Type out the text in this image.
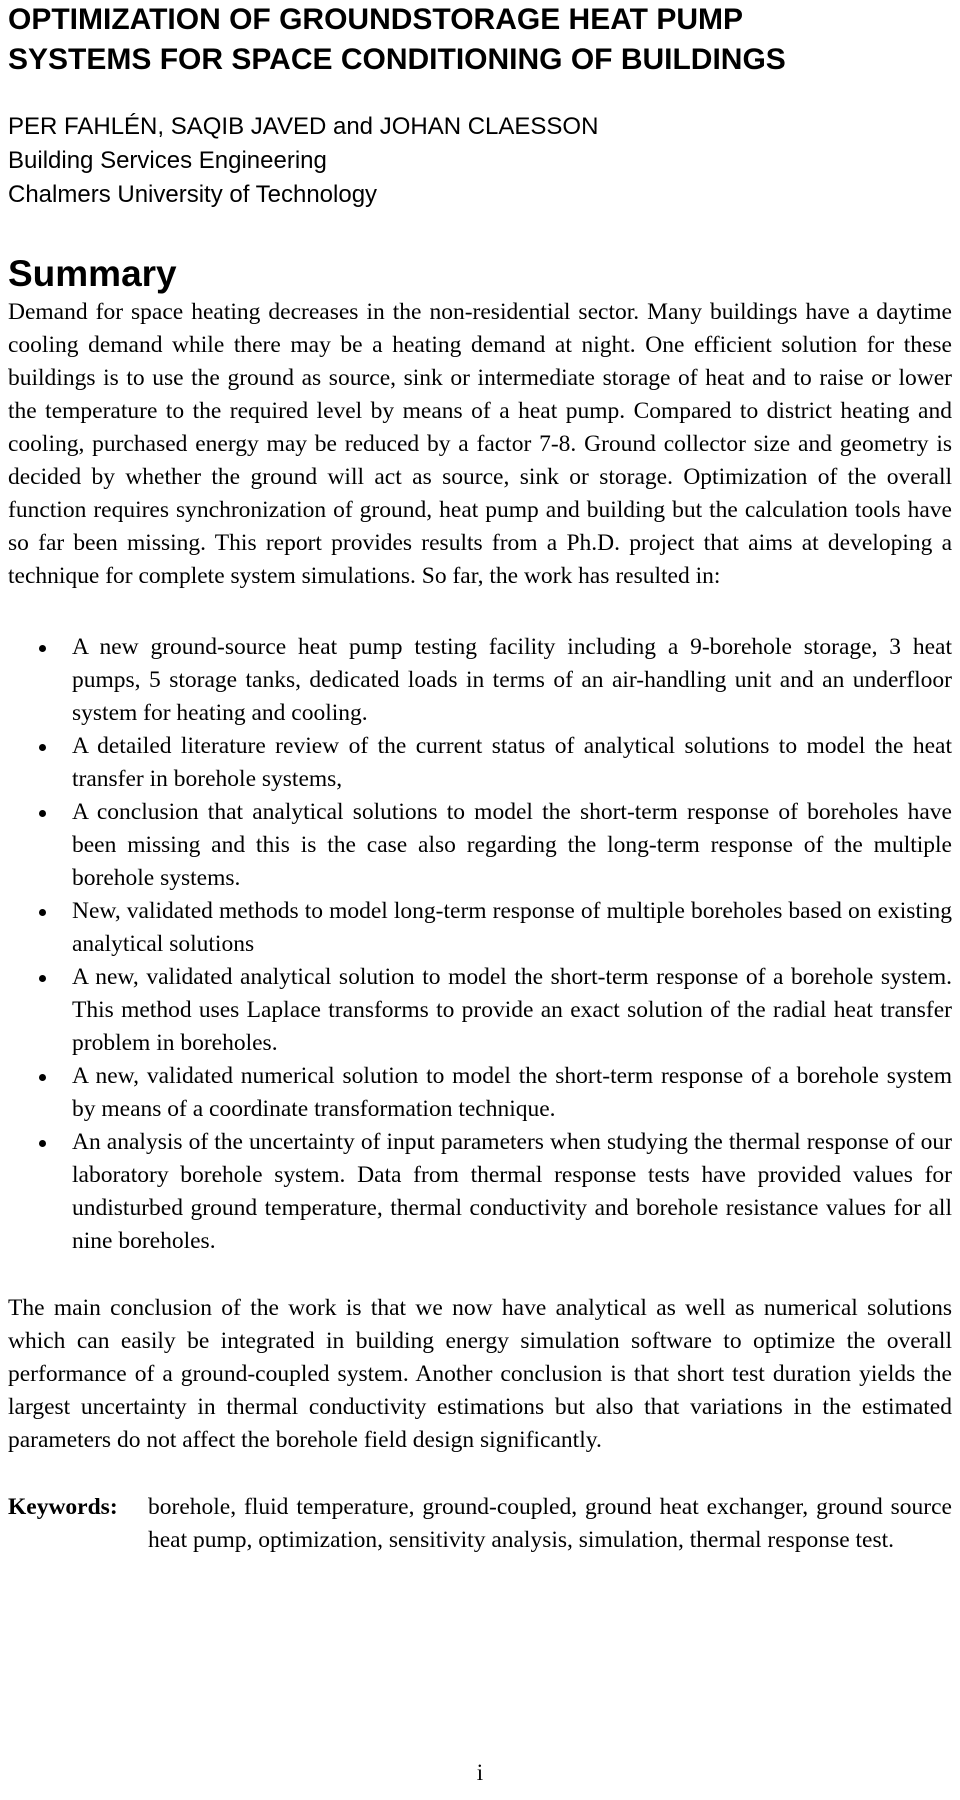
OPTIMIZATION OF GROUNDSTORAGE HEAT PUMP
SYSTEMS FOR SPACE CONDITIONING OF BUILDINGS

PER FAHLÉN, SAQIB JAVED and JOHAN CLAESSON

Building Services Engineering

Chalmers University of Technology

Summary

Demand for space heating decreases in the non-residential sector. Many buildings have a daytime cooling demand while there may be a heating demand at night. One efficient solution for these buildings is to use the ground as source, sink or intermediate storage of heat and to raise or lower the temperature to the required level by means of a heat pump. Compared to district heating and cooling, purchased energy may be reduced by a factor 7-8. Ground collector size and geometry is decided by whether the ground will act as source, sink or storage. Optimization of the overall function requires synchronization of ground, heat pump and building but the calculation tools have so far been missing. This report provides results from a Ph.D. project that aims at developing a technique for complete system simulations. So far, the work has resulted in:

A new ground-source heat pump testing facility including a 9-borehole storage, 3 heat pumps, 5 storage tanks, dedicated loads in terms of an air-handling unit and an underfloor system for heating and cooling.
A detailed literature review of the current status of analytical solutions to model the heat transfer in borehole systems,
A conclusion that analytical solutions to model the short-term response of boreholes have been missing and this is the case also regarding the long-term response of the multiple borehole systems.
New, validated methods to model long-term response of multiple boreholes based on existing analytical solutions
A new, validated analytical solution to model the short-term response of a borehole system. This method uses Laplace transforms to provide an exact solution of the radial heat transfer problem in boreholes.
A new, validated numerical solution to model the short-term response of a borehole system by means of a coordinate transformation technique.
An analysis of the uncertainty of input parameters when studying the thermal response of our laboratory borehole system. Data from thermal response tests have provided values for undisturbed ground temperature, thermal conductivity and borehole resistance values for all nine boreholes.

The main conclusion of the work is that we now have analytical as well as numerical solutions which can easily be integrated in building energy simulation software to optimize the overall performance of a ground-coupled system. Another conclusion is that short test duration yields the largest uncertainty in thermal conductivity estimations but also that variations in the estimated parameters do not affect the borehole field design significantly.

Keywords:	borehole, fluid temperature, ground-coupled, ground heat exchanger, ground source heat pump, optimization, sensitivity analysis, simulation, thermal response test.
i
